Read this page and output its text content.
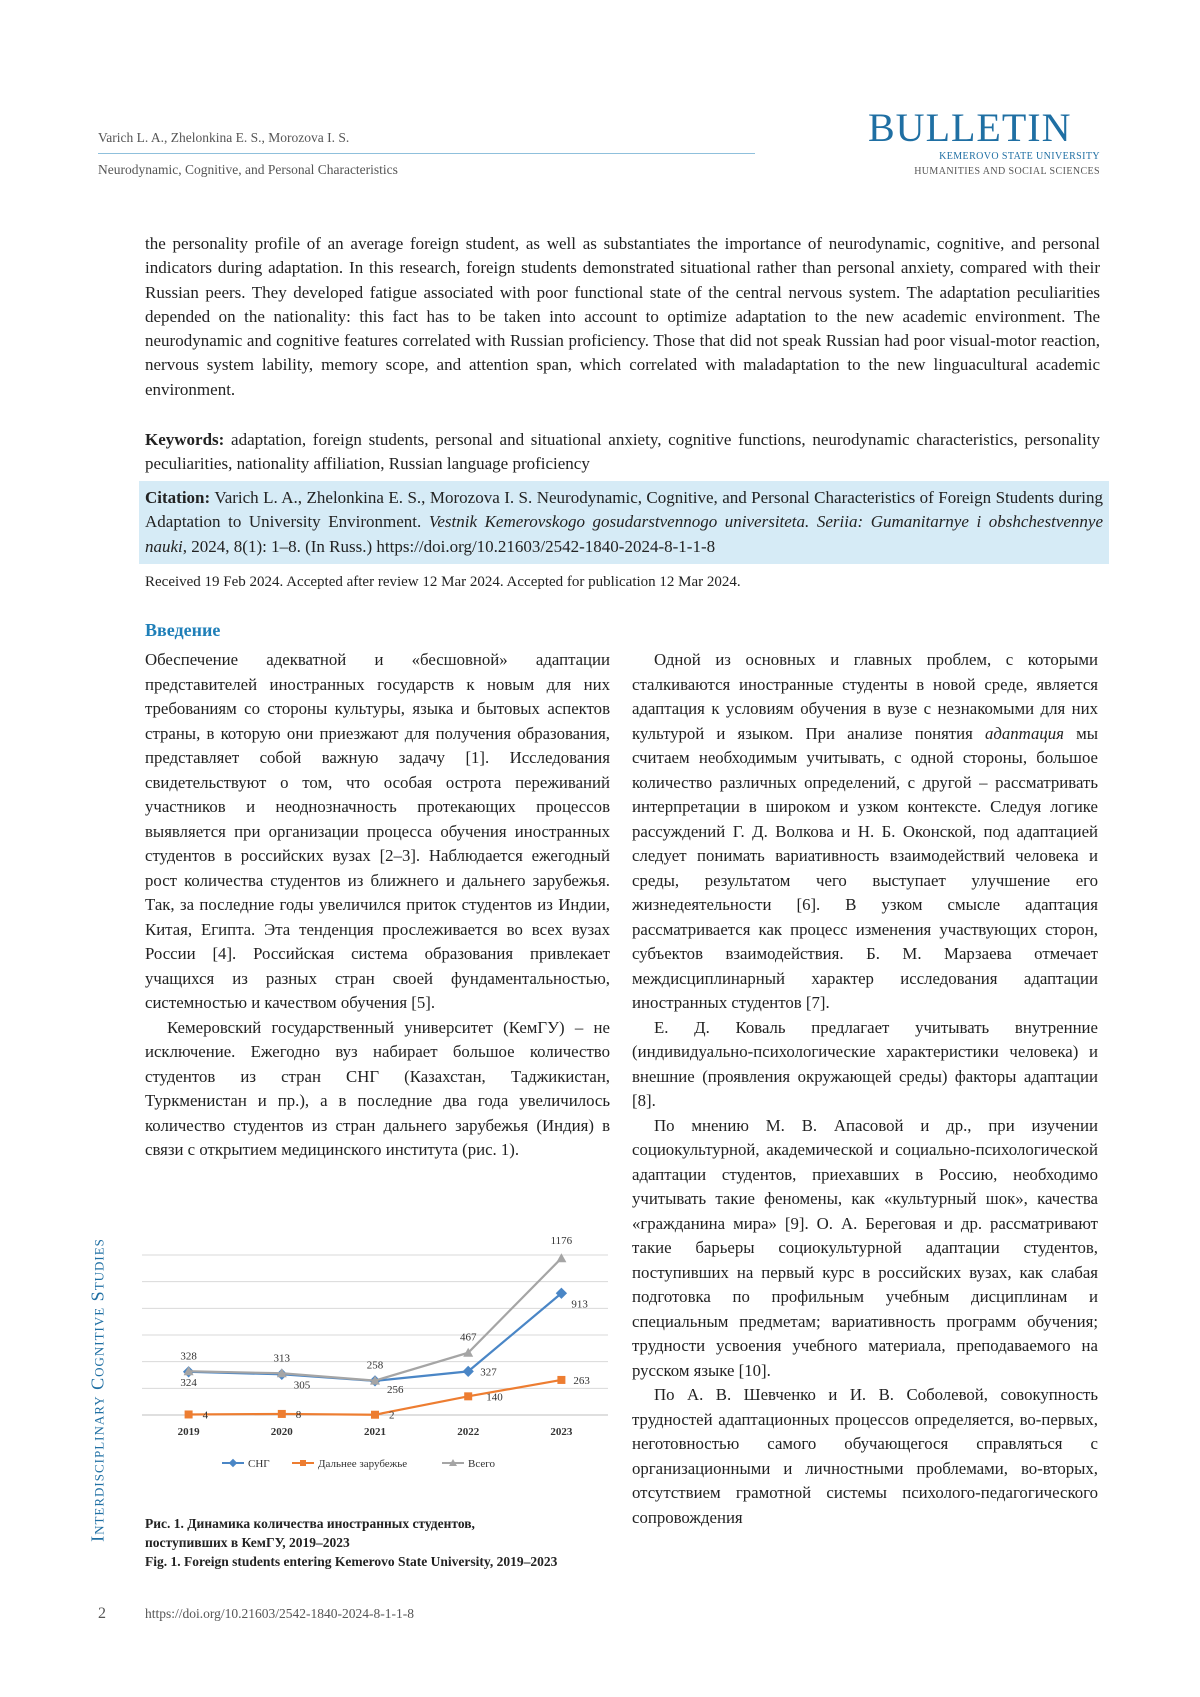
Varich L. A., Zhelonkina E. S., Morozova I. S.
Neurodynamic, Cognitive, and Personal Characteristics
BULLETIN
KEMEROVO STATE UNIVERSITY
HUMANITIES AND SOCIAL SCIENCES

the personality profile of an average foreign student, as well as substantiates the importance of neurodynamic, cognitive, and personal indicators during adaptation. In this research, foreign students demonstrated situational rather than personal anxiety, compared with their Russian peers. They developed fatigue associated with poor functional state of the central nervous system. The adaptation peculiarities depended on the nationality: this fact has to be taken into account to optimize adaptation to the new academic environment. The neurodynamic and cognitive features correlated with Russian proficiency. Those that did not speak Russian had poor visual-motor reaction, nervous system lability, memory scope, and attention span, which correlated with maladaptation to the new linguacultural academic environment.

Keywords: adaptation, foreign students, personal and situational anxiety, cognitive functions, neurodynamic characteristics, personality peculiarities, nationality affiliation, Russian language proficiency

Citation: Varich L. A., Zhelonkina E. S., Morozova I. S. Neurodynamic, Cognitive, and Personal Characteristics of Foreign Students during Adaptation to University Environment. Vestnik Kemerovskogo gosudarstvennogo universiteta. Seriia: Gumanitarnye i obshchestvennye nauki, 2024, 8(1): 1–8. (In Russ.) https://doi.org/10.21603/2542-1840-2024-8-1-1-8
Received 19 Feb 2024. Accepted after review 12 Mar 2024. Accepted for publication 12 Mar 2024.
Введение

Обеспечение адекватной и «бесшовной» адаптации представителей иностранных государств к новым для них требованиям со стороны культуры, языка и бытовых аспектов страны, в которую они приезжают для получения образования, представляет собой важную задачу [1]. Исследования свидетельствуют о том, что особая острота переживаний участников и неоднозначность протекающих процессов выявляется при организации процесса обучения иностранных студентов в российских вузах [2–3]. Наблюдается ежегодный рост количества студентов из ближнего и дальнего зарубежья. Так, за последние годы увеличился приток студентов из Индии, Китая, Египта. Эта тенденция прослеживается во всех вузах России [4]. Российская система образования привлекает учащихся из разных стран своей фундаментальностью, системностью и качеством обучения [5].

Кемеровский государственный университет (КемГУ) – не исключение. Ежегодно вуз набирает большое количество студентов из стран СНГ (Казахстан, Таджикистан, Туркменистан и пр.), а в последние два года увеличилось количество студентов из стран дальнего зарубежья (Индия) в связи с открытием медицинского института (рис. 1).

2019	2020	2021	2022	2023
324	305	256
327
913
4	8	2
140
263
328	313
258
467
1176
СНГ	Дальнее зарубежье	Всего
Рис. 1. Динамика количества иностранных студентов,
поступивших в КемГУ, 2019–2023
Fig. 1. Foreign students entering Kemerovo State University, 2019–2023

Одной из основных и главных проблем, с которыми сталкиваются иностранные студенты в новой среде, является адаптация к условиям обучения в вузе с незнакомыми для них культурой и языком. При анализе понятия адаптация мы считаем необходимым учитывать, с одной стороны, большое количество различных определений, с другой – рассматривать интерпретации в широком и узком контексте. Следуя логике рассуждений Г. Д. Волкова и Н. Б. Оконской, под адаптацией следует понимать вариативность взаимодействий человека и среды, результатом чего выступает улучшение его жизнедеятельности [6]. В узком смысле адаптация рассматривается как процесс изменения участвующих сторон, субъектов взаимодействия. Б. М. Марзаева отмечает междисциплинарный характер исследования адаптации иностранных студентов [7].

Е. Д. Коваль предлагает учитывать внутренние (индивидуально-психологические характеристики человека) и внешние (проявления окружающей среды) факторы адаптации [8].

По мнению М. В. Апасовой и др., при изучении социокультурной, академической и социально-психологической адаптации студентов, приехавших в Россию, необходимо учитывать такие феномены, как «культурный шок», качества «гражданина мира» [9]. О. А. Береговая и др. рассматривают такие барьеры социокультурной адаптации студентов, поступивших на первый курс в российских вузах, как слабая подготовка по профильным учебным дисциплинам и специальным предметам; вариативность программ обучения; трудности усвоения учебного материала, преподаваемого на русском языке [10].

По А. В. Шевченко и И. В. Соболевой, совокупность трудностей адаптационных процессов определяется, во-первых, неготовностью самого обучающегося справляться с организационными и личностными проблемами, во-вторых, отсутствием грамотной системы психолого-педагогического сопровождения

Interdisciplinary Cognitive Studies
2	https://doi.org/10.21603/2542-1840-2024-8-1-1-8
